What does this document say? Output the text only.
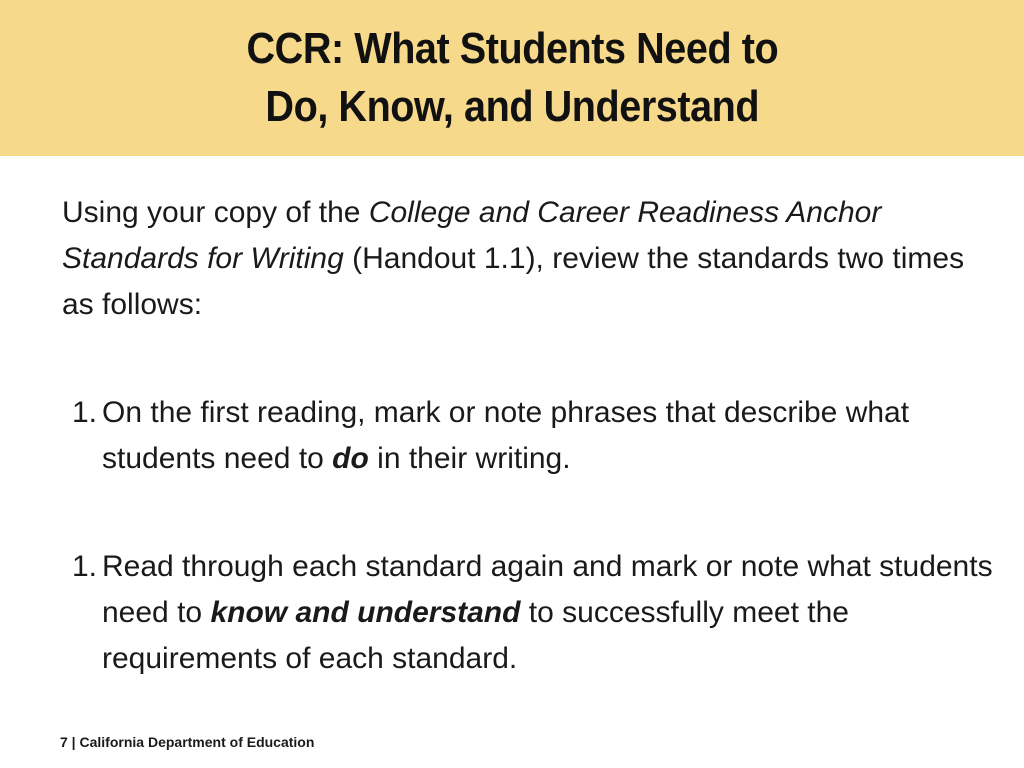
CCR: What Students Need to
Do, Know, and Understand

Using your copy of the College and Career Readiness Anchor Standards for Writing (Handout 1.1), review the standards two times as follows:

1. On the first reading, mark or note phrases that describe what students need to do in their writing.
1. Read through each standard again and mark or note what students need to know and understand to successfully meet the requirements of each standard.
7 | California Department of Education
